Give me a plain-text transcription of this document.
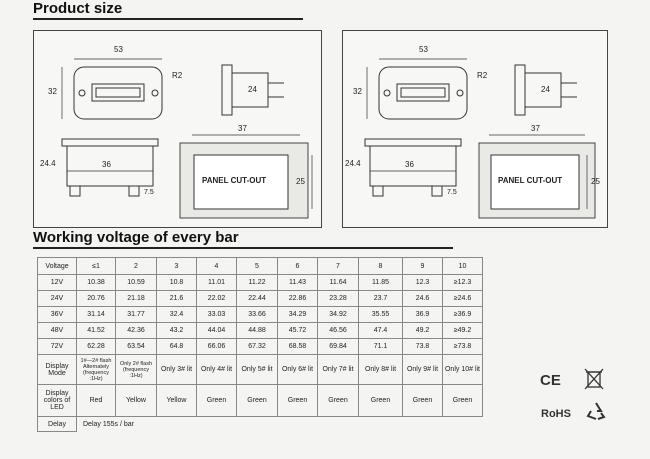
Product size
53
32
R2
24
36
24.4
7.5
37
25
PANEL CUT-OUT
53
32
R2
24
36
24.4
7.5
37
25
PANEL CUT-OUT
Working voltage of every bar
Voltage	≤1	2	3	4	5	6	7	8	9	10
12V	10.38	10.59	10.8	11.01	11.22	11.43	11.64	11.85	12.3	≥12.3
24V	20.76	21.18	21.6	22.02	22.44	22.86	23.28	23.7	24.6	≥24.6
36V	31.14	31.77	32.4	33.03	33.66	34.29	34.92	35.55	36.9	≥36.9
48V	41.52	42.36	43.2	44.04	44.88	45.72	46.56	47.4	49.2	≥49.2
72V	62.28	63.54	64.8	66.06	67.32	68.58	69.84	71.1	73.8	≥73.8
Display Mode	1#—2# flash Alternately (frequency :1Hz)	Only 2# flash (frequency :1Hz)	Only 3# lit	Only 4# lit	Only 5# lit	Only 6# lit	Only 7# lit	Only 8# lit	Only 9# lit	Only 10# lit
Display colors of LED	Red	Yellow	Yellow	Green	Green	Green	Green	Green	Green	Green
Delay	Delay 155s / bar									
CE
RoHS
